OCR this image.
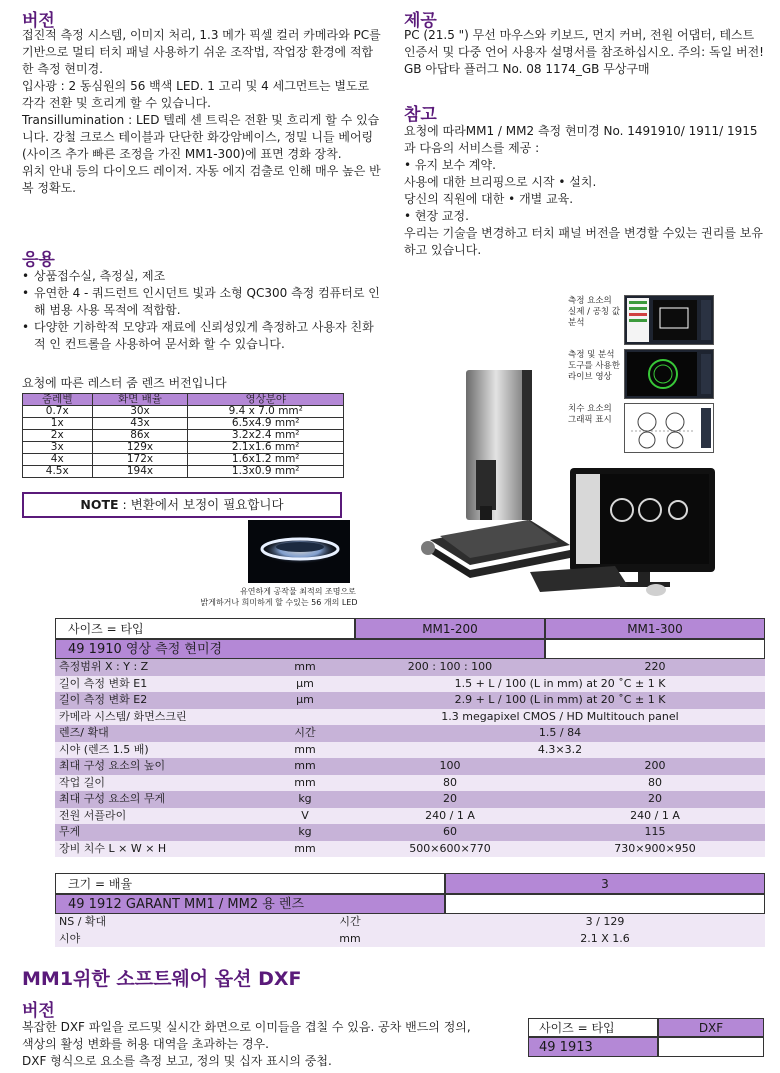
버전

접진적 측정 시스템, 이미지 처리, 1.3 메가 픽셀 컬러 카메라와 PC를 기반으로 멀티 터치 패널 사용하기 쉬운 조작법, 작업장 환경에 적합한 측정 현미경.

입사광 : 2 동심원의 56 백색 LED. 1 고리 및 4 세그먼트는 별도로 각각 전환 및 흐리게 할 수 있습니다.

Transillumination : LED 텔레 센 트릭은 전환 및 흐리게 할 수 있습니다. 강철 크로스 테이블과 단단한 화강암베이스, 정밀 니들 베어링 (사이즈 추가 빠른 조정을 가진 MM1-300)에 표면 경화 장착.

위치 안내 등의 다이오드 레이저. 자동 에지 검출로 인해 매우 높은 반복 정확도.

응용
• 상품접수실, 측정실, 제조
• 유연한 4 - 쿼드런트 인시던트 빛과 소형 QC300 측정 컴퓨터로 인해 범용 사용 목적에 적합함.
• 다양한 기하학적 모양과 재료에 신뢰성있게 측정하고 사용자 친화적 인 컨트롤을 사용하여 문서화 할 수 있습니다.
요청에 따른 레스터 줌 렌즈 버전입니다
줌레벨	화면 배율	영상분야
0.7x	30x	9.4 x 7.0 mm²
1x	43x	6.5x4.9 mm²
2x	86x	3.2x2.4 mm²
3x	129x	2.1x1.6 mm²
4x	172x	1.6x1.2 mm²
4.5x	194x	1.3x0.9 mm²
NOTE : 변환에서 보정이 필요합니다
유연하게 공작물 최적의 조명으로
밝게하거나 희미하게 할 수있는 56 개의 LED
제공
PC (21.5 ") 무선 마우스와 키보드, 먼지 커버, 전원 어댑터, 테스트 인증서 및 다중 언어 사용자 설명서를 참조하십시오. 주의: 독일 버전! GB 아답타 플러그 No. 08 1174_GB 무상구매
참고

요청에 따라MM1 / MM2 측정 현미경 No. 1491910/ 1911/ 1915과 다음의 서비스를 제공 :

• 유지 보수 계약.

사용에 대한 브리핑으로 시작 • 설치.

당신의 직원에 대한 • 개별 교육.

• 현장 교정.

우리는 기술을 변경하고 터치 패널 버전을 변경할 수있는 권리를 보유하고 있습니다.

측정 요소의 실제 / 공칭 값 분석
측정 및 분석 도구를 사용한 라이브 영상
치수 요소의 그래픽 표시
사이즈 = 타입	MM1-200	MM1-300
49 1910 영상 측정 현미경
측정범위 X : Y : Z	mm	200 : 100 : 100	220
길이 측정 변화 E1	µm	1.5 + L / 100 (L in mm) at 20 ˚C ± 1 K	
길이 측정 변화 E2	µm	2.9 + L / 100 (L in mm) at 20 ˚C ± 1 K	
카메라 시스템/ 화면스크린		1.3 megapixel CMOS / HD Multitouch panel	
렌즈/ 확대	시간	1.5 / 84	
시야 (렌즈 1.5 배)	mm	4.3×3.2	
최대 구성 요소의 높이	mm	100	200
작업 길이	mm	80	80
최대 구성 요소의 무게	kg	20	20
전원 서플라이	V	240 / 1 A	240 / 1 A
무게	kg	60	115
장비 치수 L × W × H	mm	500×600×770	730×900×950
크기 = 배율	3
49 1912 GARANT MM1 / MM2 용 렌즈
NS / 확대	시간	3 / 129
시야	mm	2.1 X 1.6
MM1위한 소프트웨어 옵션 DXF
버전

복잡한 DXF 파일을 로드및 실시간 화면으로 이미들을 겹칠 수 있음. 공차 밴드의 정의,

색상의 활성 변화를 허용 대역을 초과하는 경우.

DXF 형식으로 요소를 측정 보고, 정의 및 십자 표시의 중첩.

사이즈 = 타입	DXF
49 1913
